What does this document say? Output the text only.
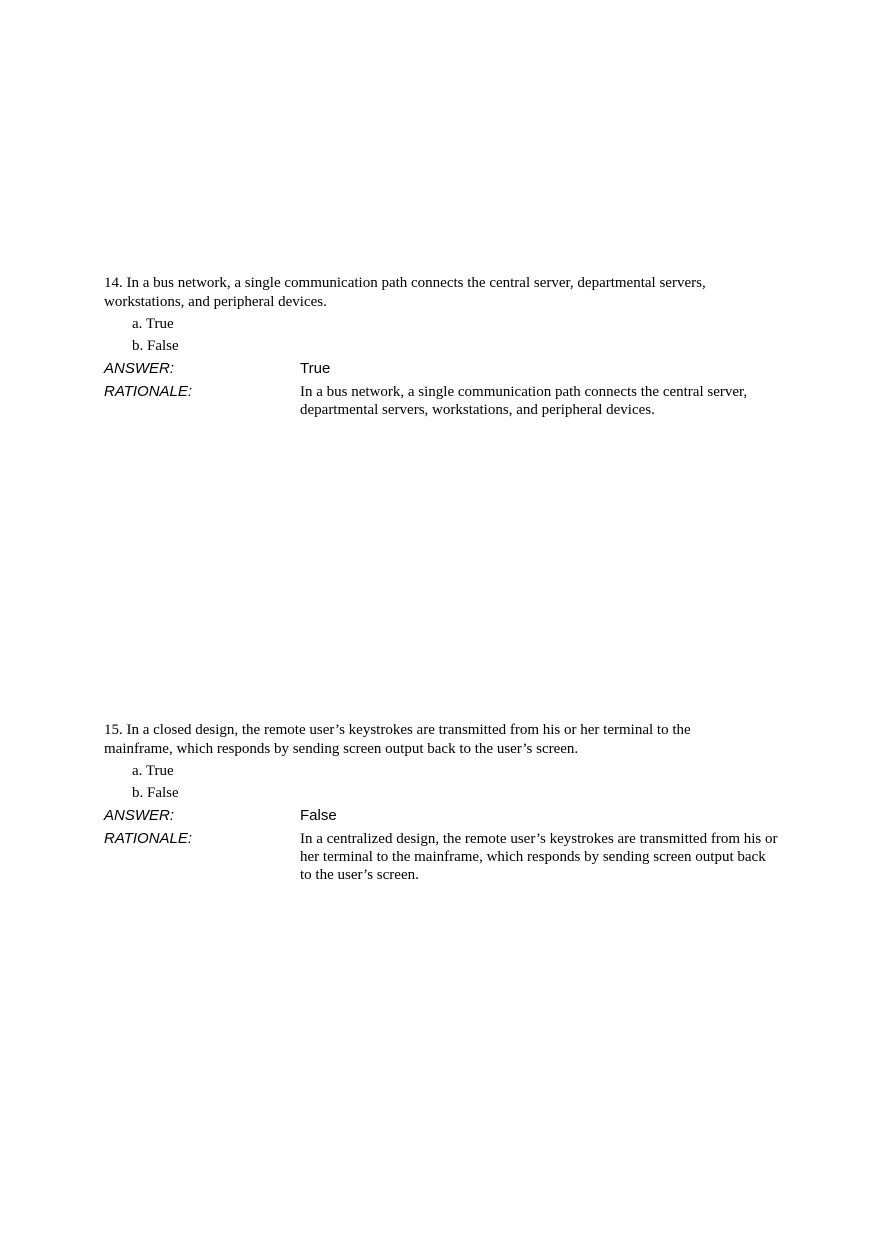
14. In a bus network, a single communication path connects the central server, departmental servers, workstations, and peripheral devices.

a. True
b. False
ANSWER:	True
RATIONALE:	In a bus network, a single communication path connects the central server, departmental servers, workstations, and peripheral devices.

15. In a closed design, the remote user’s keystrokes are transmitted from his or her terminal to the mainframe, which responds by sending screen output back to the user’s screen.

a. True
b. False
ANSWER:	False
RATIONALE:	In a centralized design, the remote user’s keystrokes are transmitted from his or her terminal to the mainframe, which responds by sending screen output back to the user’s screen.
